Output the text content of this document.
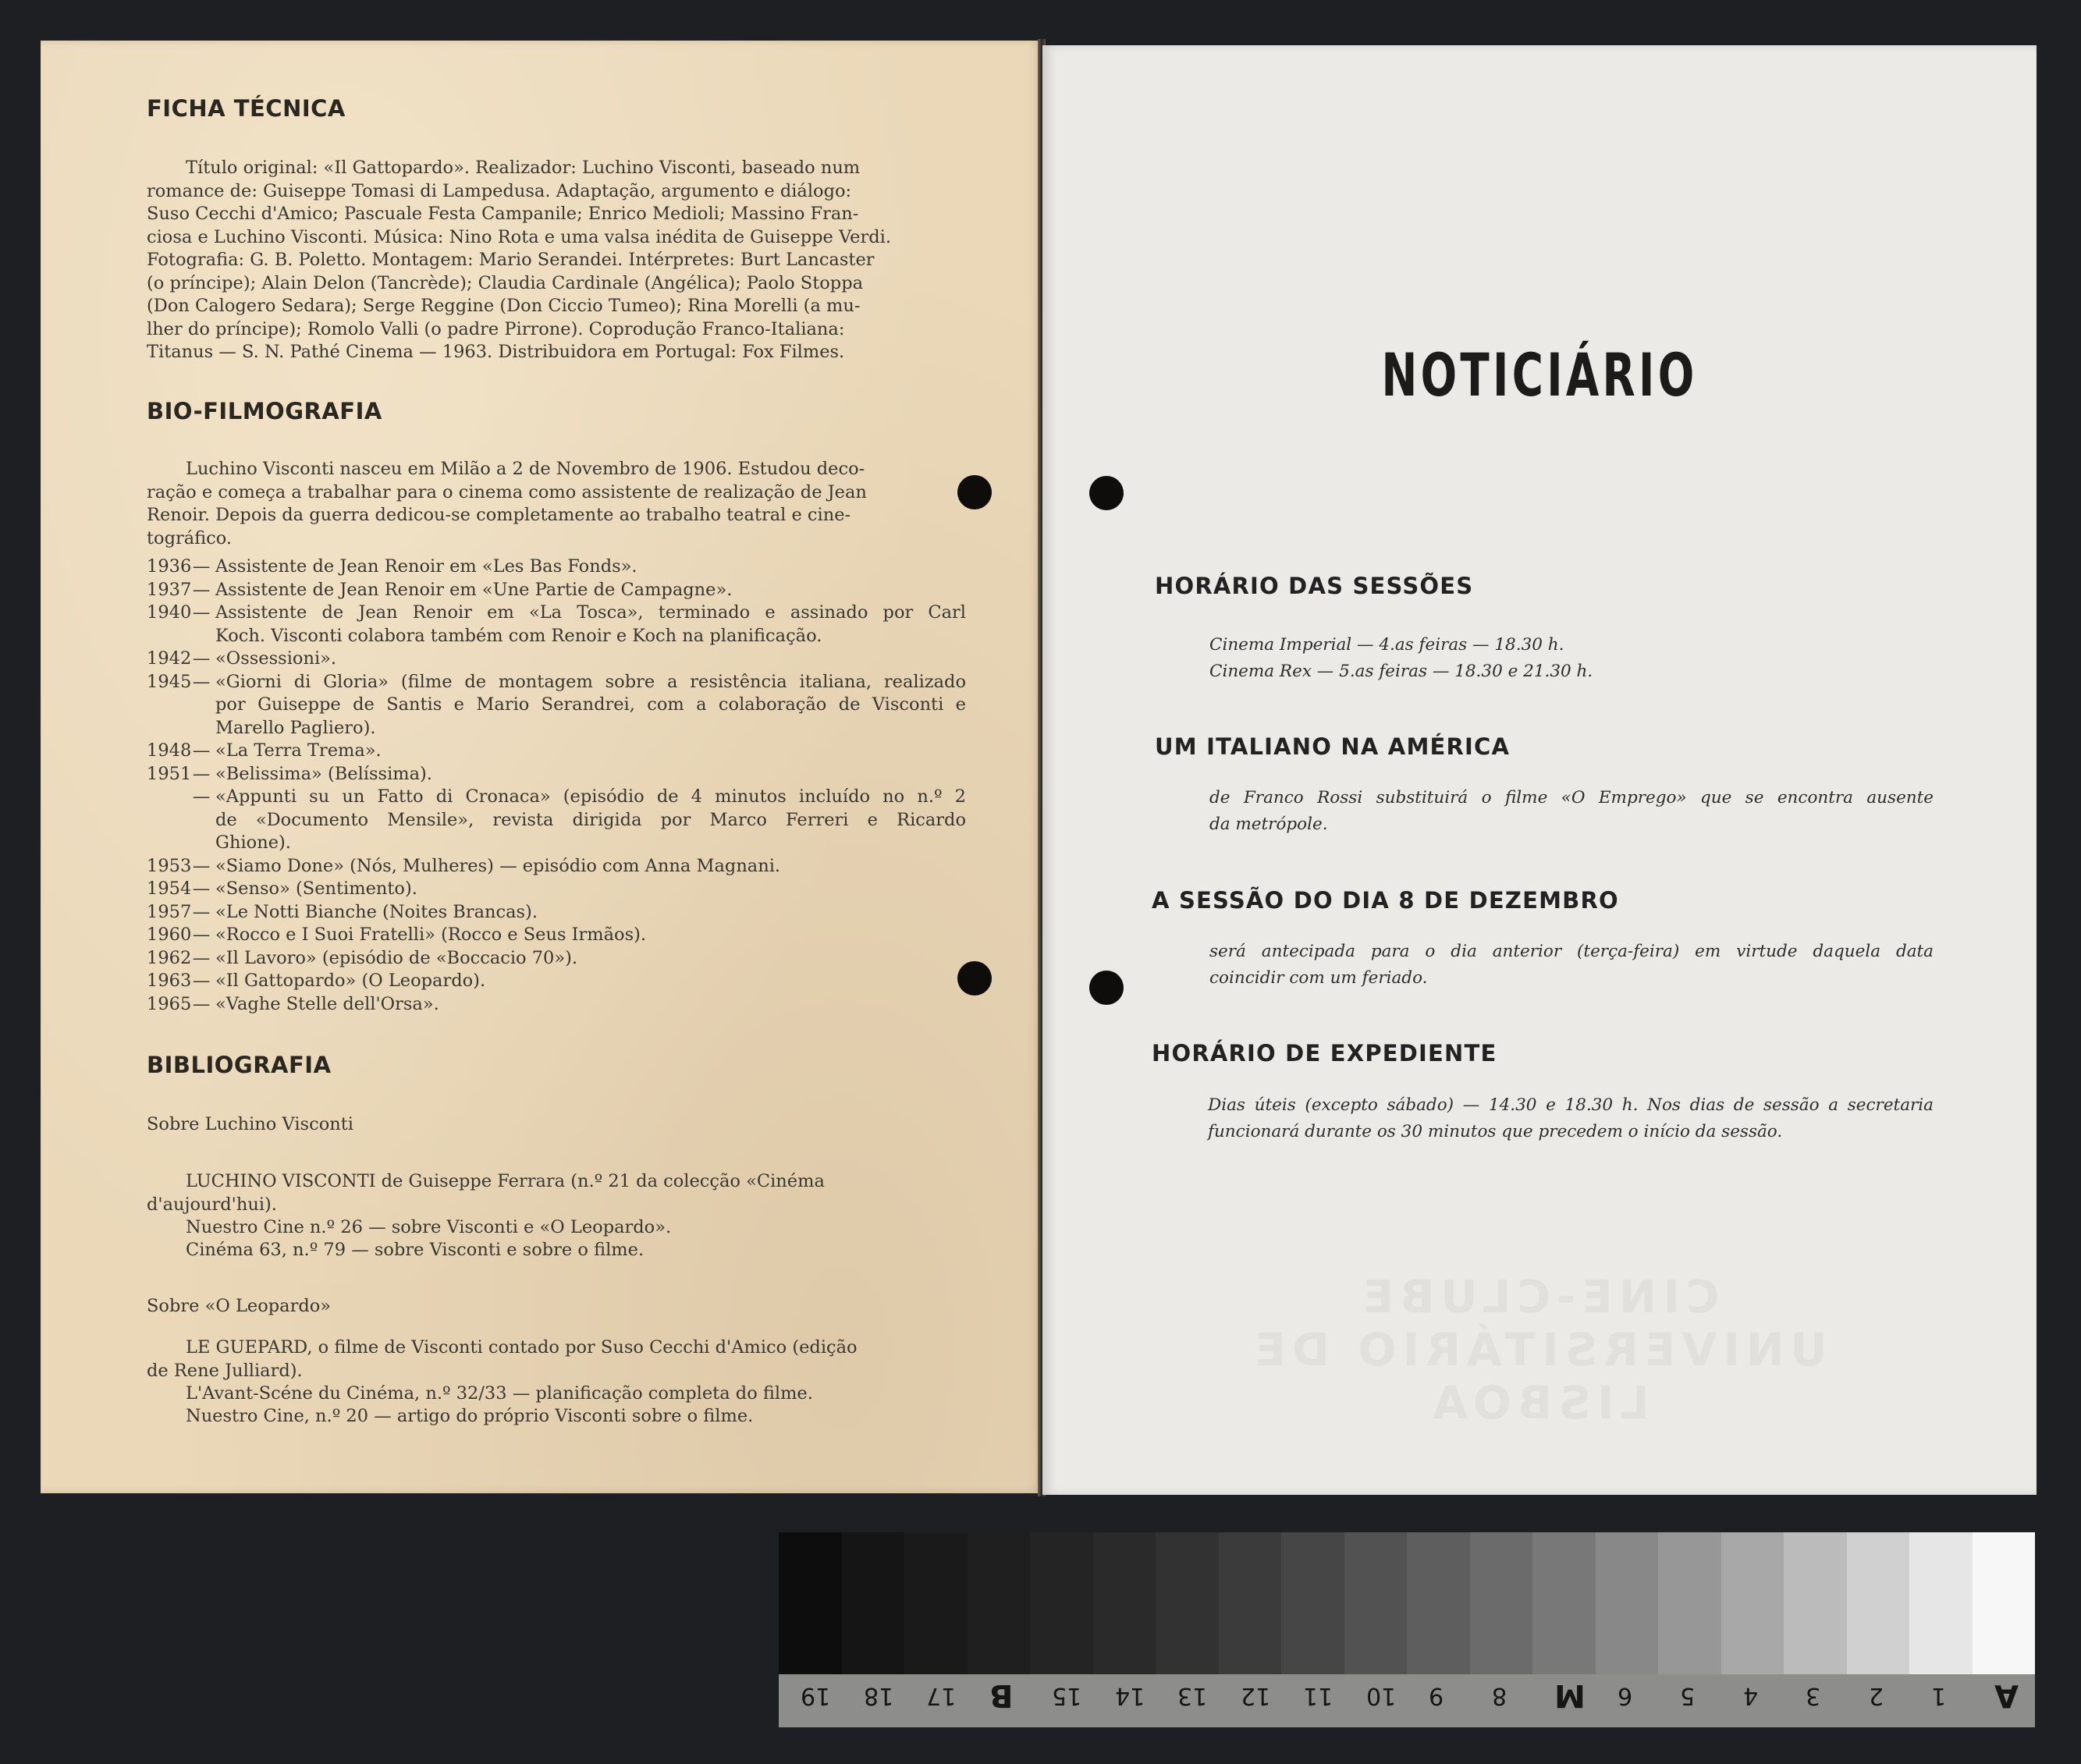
FICHA TÉCNICA

Título original: «Il Gattopardo». Realizador: Luchino Visconti, baseado num

romance de: Guiseppe Tomasi di Lampedusa. Adaptação, argumento e diálogo:

Suso Cecchi d'Amico; Pascuale Festa Campanile; Enrico Medioli; Massino Fran-

ciosa e Luchino Visconti. Música: Nino Rota e uma valsa inédita de Guiseppe Verdi.

Fotografia: G. B. Poletto. Montagem: Mario Serandei. Intérpretes: Burt Lancaster

(o príncipe); Alain Delon (Tancrède); Claudia Cardinale (Angélica); Paolo Stoppa

(Don Calogero Sedara); Serge Reggine (Don Ciccio Tumeo); Rina Morelli (a mu-

lher do príncipe); Romolo Valli (o padre Pirrone). Coprodução Franco-Italiana:

Titanus — S. N. Pathé Cinema — 1963. Distribuidora em Portugal: Fox Filmes.

BIO-FILMOGRAFIA

Luchino Visconti nasceu em Milão a 2 de Novembro de 1906. Estudou deco-

ração e começa a trabalhar para o cinema como assistente de realização de Jean

Renoir. Depois da guerra dedicou-se completamente ao trabalho teatral e cine-

tográfico.

1936 — Assistente de Jean Renoir em «Les Bas Fonds».
1937 — Assistente de Jean Renoir em «Une Partie de Campagne».
1940 — Assistente de Jean Renoir em «La Tosca», terminado e assinado por Carl
Koch. Visconti colabora também com Renoir e Koch na planificação.
1942 — «Ossessioni».
1945 — «Giorni di Gloria» (filme de montagem sobre a resistência italiana, realizado
por Guiseppe de Santis e Mario Serandrei, com a colaboração de Visconti e
Marello Pagliero).
1948 — «La Terra Trema».
1951 — «Belissima» (Belíssima).
— «Appunti su un Fatto di Cronaca» (episódio de 4 minutos incluído no n.º 2
de «Documento Mensile», revista dirigida por Marco Ferreri e Ricardo
Ghione).
1953 — «Siamo Done» (Nós, Mulheres) — episódio com Anna Magnani.
1954 — «Senso» (Sentimento).
1957 — «Le Notti Bianche (Noites Brancas).
1960 — «Rocco e I Suoi Fratelli» (Rocco e Seus Irmãos).
1962 — «Il Lavoro» (episódio de «Boccacio 70»).
1963 — «Il Gattopardo» (O Leopardo).
1965 — «Vaghe Stelle dell'Orsa».
BIBLIOGRAFIA
Sobre Luchino Visconti

LUCHINO VISCONTI de Guiseppe Ferrara (n.º 21 da colecção «Cinéma

d'aujourd'hui).

Nuestro Cine n.º 26 — sobre Visconti e «O Leopardo».
Cinéma 63, n.º 79 — sobre Visconti e sobre o filme.
Sobre «O Leopardo»

LE GUEPARD, o filme de Visconti contado por Suso Cecchi d'Amico (edição

de Rene Julliard).

L'Avant-Scéne du Cinéma, n.º 32/33 — planificação completa do filme.
Nuestro Cine, n.º 20 — artigo do próprio Visconti sobre o filme.
CINE-CLUBE UNIVERSITÁRIO DE LISBOA
NOTICIÁRIO
HORÁRIO DAS SESSÕES
Cinema Imperial — 4.as feiras — 18.30 h.
Cinema Rex — 5.as feiras — 18.30 e 21.30 h.
UM ITALIANO NA AMÉRICA
de Franco Rossi substituirá o filme «O Emprego» que se encontra ausente
da metrópole.
A SESSÃO DO DIA 8 DE DEZEMBRO
será antecipada para o dia anterior (terça-feira) em virtude daquela data
coincidir com um feriado.
HORÁRIO DE EXPEDIENTE
Dias úteis (excepto sábado) — 14.30 e 18.30 h. Nos dias de sessão a secretaria
funcionará durante os 30 minutos que precedem o início da sessão.
19 18 17 B 15 14 13 12 11 10 9 8 M 6 5 4 3 2 1 A
